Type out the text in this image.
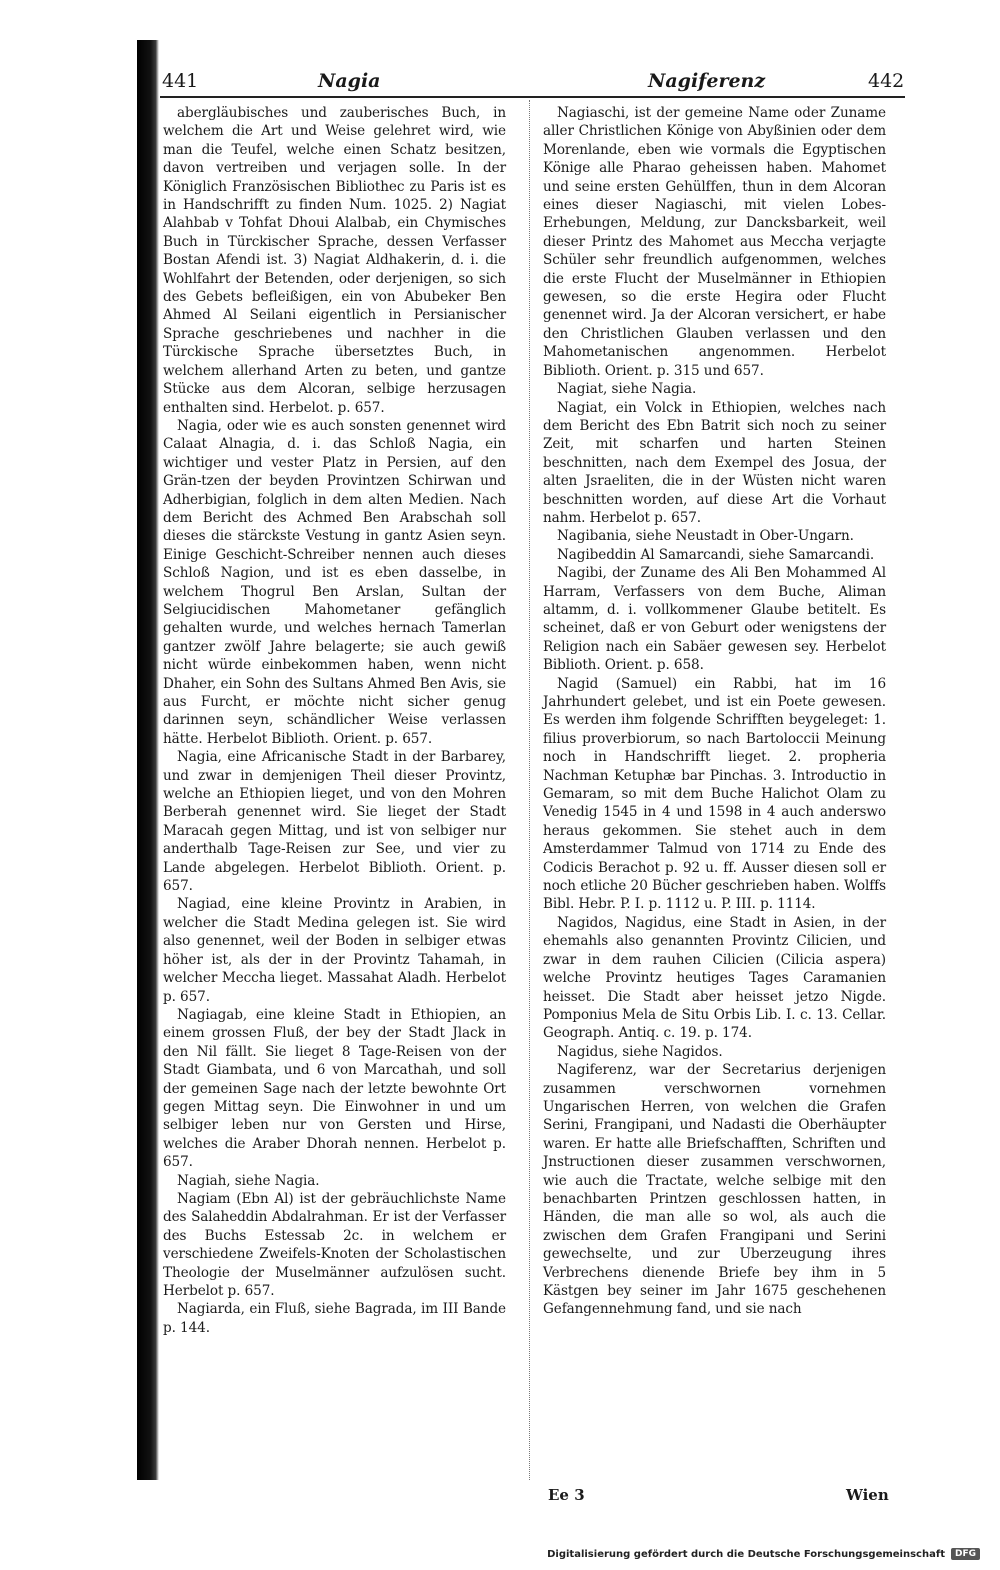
441	Nagia	Nagiferenz	442

abergläubisches und zauberisches Buch, in welchem die Art und Weise gelehret wird, wie man die Teufel, welche einen Schatz besitzen, davon vertreiben und verjagen solle. In der Königlich Französischen Bibliothec zu Paris ist es in Handschrifft zu finden Num. 1025. 2) Nagiat Alahbab v Tohfat Dhoui Alalbab, ein Chymisches Buch in Türckischer Sprache, dessen Verfasser Bostan Afendi ist. 3) Nagiat Aldhakerin, d. i. die Wohlfahrt der Betenden, oder derjenigen, so sich des Gebets befleißigen, ein von Abubeker Ben Ahmed Al Seilani eigentlich in Persianischer Sprache geschriebenes und nachher in die Türckische Sprache übersetztes Buch, in welchem allerhand Arten zu beten, und gantze Stücke aus dem Alcoran, selbige herzusagen enthalten sind. Herbelot. p. 657.

Nagia, oder wie es auch sonsten genennet wird Calaat Alnagia, d. i. das Schloß Nagia, ein wichtiger und vester Platz in Persien, auf den Grän-tzen der beyden Provintzen Schirwan und Adherbigian, folglich in dem alten Medien. Nach dem Bericht des Achmed Ben Arabschah soll dieses die stärckste Vestung in gantz Asien seyn. Einige Geschicht-Schreiber nennen auch dieses Schloß Nagion, und ist es eben dasselbe, in welchem Thogrul Ben Arslan, Sultan der Selgiucidischen Mahometaner gefänglich gehalten wurde, und welches hernach Tamerlan gantzer zwölf Jahre belagerte; sie auch gewiß nicht würde einbekommen haben, wenn nicht Dhaher, ein Sohn des Sultans Ahmed Ben Avis, sie aus Furcht, er möchte nicht sicher genug darinnen seyn, schändlicher Weise verlassen hätte. Herbelot Biblioth. Orient. p. 657.

Nagia, eine Africanische Stadt in der Barbarey, und zwar in demjenigen Theil dieser Provintz, welche an Ethiopien lieget, und von den Mohren Berberah genennet wird. Sie lieget der Stadt Maracah gegen Mittag, und ist von selbiger nur anderthalb Tage-Reisen zur See, und vier zu Lande abgelegen. Herbelot Biblioth. Orient. p. 657.

Nagiad, eine kleine Provintz in Arabien, in welcher die Stadt Medina gelegen ist. Sie wird also genennet, weil der Boden in selbiger etwas höher ist, als der in der Provintz Tahamah, in welcher Meccha lieget. Massahat Aladh. Herbelot p. 657.

Nagiagab, eine kleine Stadt in Ethiopien, an einem grossen Fluß, der bey der Stadt Jlack in den Nil fällt. Sie lieget 8 Tage-Reisen von der Stadt Giambata, und 6 von Marcathah, und soll der gemeinen Sage nach der letzte bewohnte Ort gegen Mittag seyn. Die Einwohner in und um selbiger leben nur von Gersten und Hirse, welches die Araber Dhorah nennen. Herbelot p. 657.

Nagiah, siehe Nagia.

Nagiam (Ebn Al) ist der gebräuchlichste Name des Salaheddin Abdalrahman. Er ist der Verfasser des Buchs Estessab 2c. in welchem er verschiedene Zweifels-Knoten der Scholastischen Theologie der Muselmänner aufzulösen sucht. Herbelot p. 657.

Nagiarda, ein Fluß, siehe Bagrada, im III Bande p. 144.

Nagiaschi, ist der gemeine Name oder Zuname aller Christlichen Könige von Abyßinien oder dem Morenlande, eben wie vormals die Egyptischen Könige alle Pharao geheissen haben. Mahomet und seine ersten Gehülffen, thun in dem Alcoran eines dieser Nagiaschi, mit vielen Lobes-Erhebungen, Meldung, zur Dancksbarkeit, weil dieser Printz des Mahomet aus Meccha verjagte Schüler sehr freundlich aufgenommen, welches die erste Flucht der Muselmänner in Ethiopien gewesen, so die erste Hegira oder Flucht genennet wird. Ja der Alcoran versichert, er habe den Christlichen Glauben verlassen und den Mahometanischen angenommen. Herbelot Biblioth. Orient. p. 315 und 657.

Nagiat, siehe Nagia.

Nagiat, ein Volck in Ethiopien, welches nach dem Bericht des Ebn Batrit sich noch zu seiner Zeit, mit scharfen und harten Steinen beschnitten, nach dem Exempel des Josua, der alten Jsraeliten, die in der Wüsten nicht waren beschnitten worden, auf diese Art die Vorhaut nahm. Herbelot p. 657.

Nagibania, siehe Neustadt in Ober-Ungarn.

Nagibeddin Al Samarcandi, siehe Samarcandi.

Nagibi, der Zuname des Ali Ben Mohammed Al Harram, Verfassers von dem Buche, Aliman altamm, d. i. vollkommener Glaube betitelt. Es scheinet, daß er von Geburt oder wenigstens der Religion nach ein Sabäer gewesen sey. Herbelot Biblioth. Orient. p. 658.

Nagid (Samuel) ein Rabbi, hat im 16 Jahrhundert gelebet, und ist ein Poete gewesen. Es werden ihm folgende Schrifften beygeleget: 1. filius proverbiorum, so nach Bartoloccii Meinung noch in Handschrifft lieget. 2. propheria Nachman Ketuphæ bar Pinchas. 3. Introductio in Gemaram, so mit dem Buche Halichot Olam zu Venedig 1545 in 4 und 1598 in 4 auch anderswo heraus gekommen. Sie stehet auch in dem Amsterdammer Talmud von 1714 zu Ende des Codicis Berachot p. 92 u. ff. Ausser diesen soll er noch etliche 20 Bücher geschrieben haben. Wolffs Bibl. Hebr. P. I. p. 1112 u. P. III. p. 1114.

Nagidos, Nagidus, eine Stadt in Asien, in der ehemahls also genannten Provintz Cilicien, und zwar in dem rauhen Cilicien (Cilicia aspera) welche Provintz heutiges Tages Caramanien heisset. Die Stadt aber heisset jetzo Nigde. Pomponius Mela de Situ Orbis Lib. I. c. 13. Cellar. Geograph. Antiq. c. 19. p. 174.

Nagidus, siehe Nagidos.

Nagiferenz, war der Secretarius derjenigen zusammen verschwornen vornehmen Ungarischen Herren, von welchen die Grafen Serini, Frangipani, und Nadasti die Oberhäupter waren. Er hatte alle Briefschafften, Schriften und Jnstructionen dieser zusammen verschwornen, wie auch die Tractate, welche selbige mit den benachbarten Printzen geschlossen hatten, in Händen, die man alle so wol, als auch die zwischen dem Grafen Frangipani und Serini gewechselte, und zur Uberzeugung ihres Verbrechens dienende Briefe bey ihm in 5 Kästgen bey seiner im Jahr 1675 geschehenen Gefangennehmung fand, und sie nach

Ee 3	Wien
Digitalisierung gefördert durch die Deutsche Forschungsgemeinschaft	DFG
